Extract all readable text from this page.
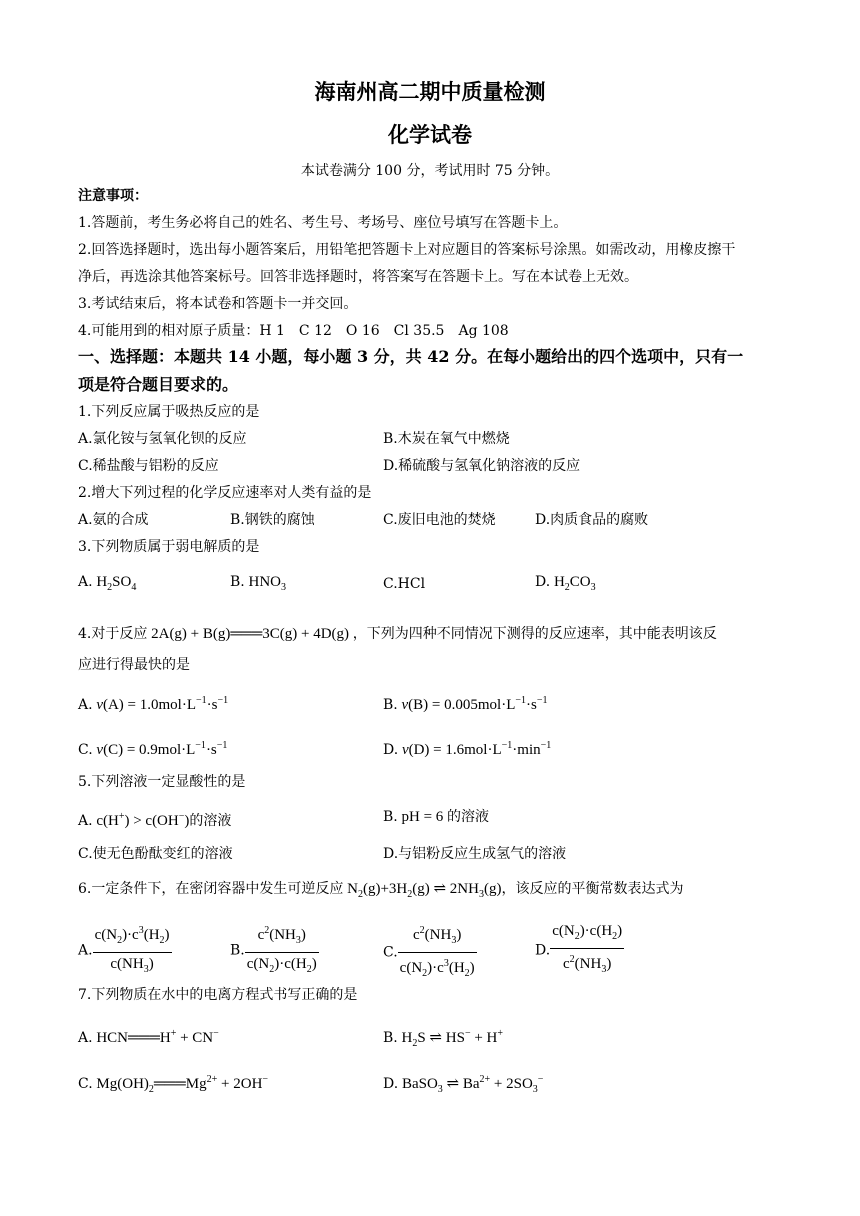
海南州高二期中质量检测
化学试卷
本试卷满分 100 分，考试用时 75 分钟。
注意事项：
1.答题前，考生务必将自己的姓名、考生号、考场号、座位号填写在答题卡上。
2.回答选择题时，选出每小题答案后，用铅笔把答题卡上对应题目的答案标号涂黑。如需改动，用橡皮擦干
净后，再选涂其他答案标号。回答非选择题时，将答案写在答题卡上。写在本试卷上无效。
3.考试结束后，将本试卷和答题卡一并交回。
4.可能用到的相对原子质量：H 1　C 12　O 16　Cl 35.5　Ag 108
一、选择题：本题共 14 小题，每小题 3 分，共 42 分。在每小题给出的四个选项中，只有一
项是符合题目要求的。
1.下列反应属于吸热反应的是
A.氯化铵与氢氧化钡的反应	B.木炭在氧气中燃烧
C.稀盐酸与铝粉的反应	D.稀硫酸与氢氧化钠溶液的反应
2.增大下列过程的化学反应速率对人类有益的是
A.氨的合成	B.钢铁的腐蚀	C.废旧电池的焚烧	D.肉质食品的腐败
3.下列物质属于弱电解质的是
A. $H_2SO_4$	B. $HNO_3$	C.HCl	D. $H_2CO_3$
4.对于反应 2A(g) + B(g)═══3C(g) + 4D(g) ，下列为四种不同情况下测得的反应速率，其中能表明该反
应进行得最快的是
A. $v(A) = 1.0mol\cdot L^{-1}\cdot s^{-1}$	B. $v(B) = 0.005mol\cdot L^{-1}\cdot s^{-1}$
C. $v(C) = 0.9mol\cdot L^{-1}\cdot s^{-1}$	D. $v(D) = 1.6mol\cdot L^{-1}\cdot\min^{-1}$
5.下列溶液一定显酸性的是
A. c(H+) > c(OH−)的溶液	B. pH = 6 的溶液
C.使无色酚酞变红的溶液	D.与铝粉反应生成氢气的溶液
6.一定条件下，在密闭容器中发生可逆反应 $N_2(g)+3H_2(g)$ ⇌ $2NH_3(g)$，该反应的平衡常数表达式为
A. $\frac{c(N_2)\cdot c^3(H_2)}{c(NH_3)}$	B. $\frac{c^2(NH_3)}{c(N_2)\cdot c(H_2)}$	C. $\frac{c^2(NH_3)}{c(N_2)\cdot c^3(H_2)}$	D. $\frac{c(N_2)\cdot c(H_2)}{c^2(NH_3)}$
7.下列物质在水中的电离方程式书写正确的是
A. HCN═══H+ + CN−	B. $H_2S$ ⇌ HS− + H+
C. $Mg(OH)_2═══Mg^{2+} + 2OH^-$	D. BaSO$_3$ ⇌ $Ba^{2+} + 2SO_3^-$
